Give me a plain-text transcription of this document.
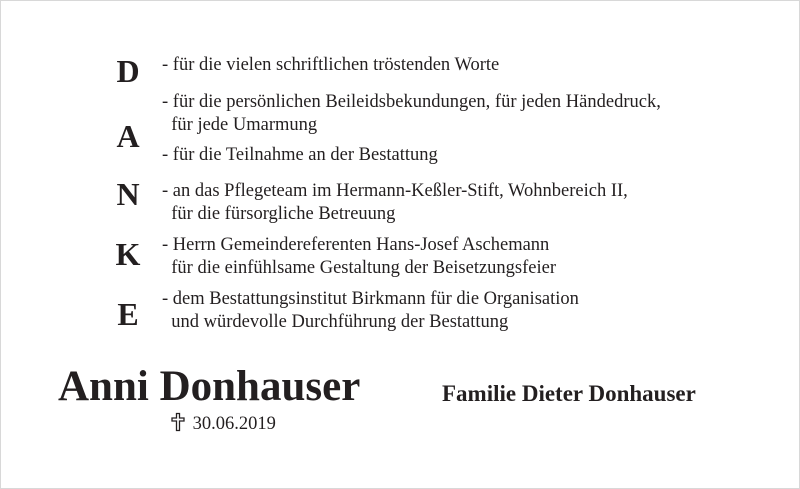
D
A
N
K
E
- für die vielen schriftlichen tröstenden Worte
- für die persönlichen Beileidsbekundungen, für jeden Händedruck,
für jede Umarmung
- für die Teilnahme an der Bestattung
- an das Pflegeteam im Hermann-Keßler-Stift, Wohnbereich II,
für die fürsorgliche Betreuung
- Herrn Gemeindereferenten Hans-Josef Aschemann
für die einfühlsame Gestaltung der Beisetzungsfeier
- dem Bestattungsinstitut Birkmann für die Organisation
und würdevolle Durchführung der Bestattung
Anni Donhauser	Familie Dieter Donhauser
30.06.2019
